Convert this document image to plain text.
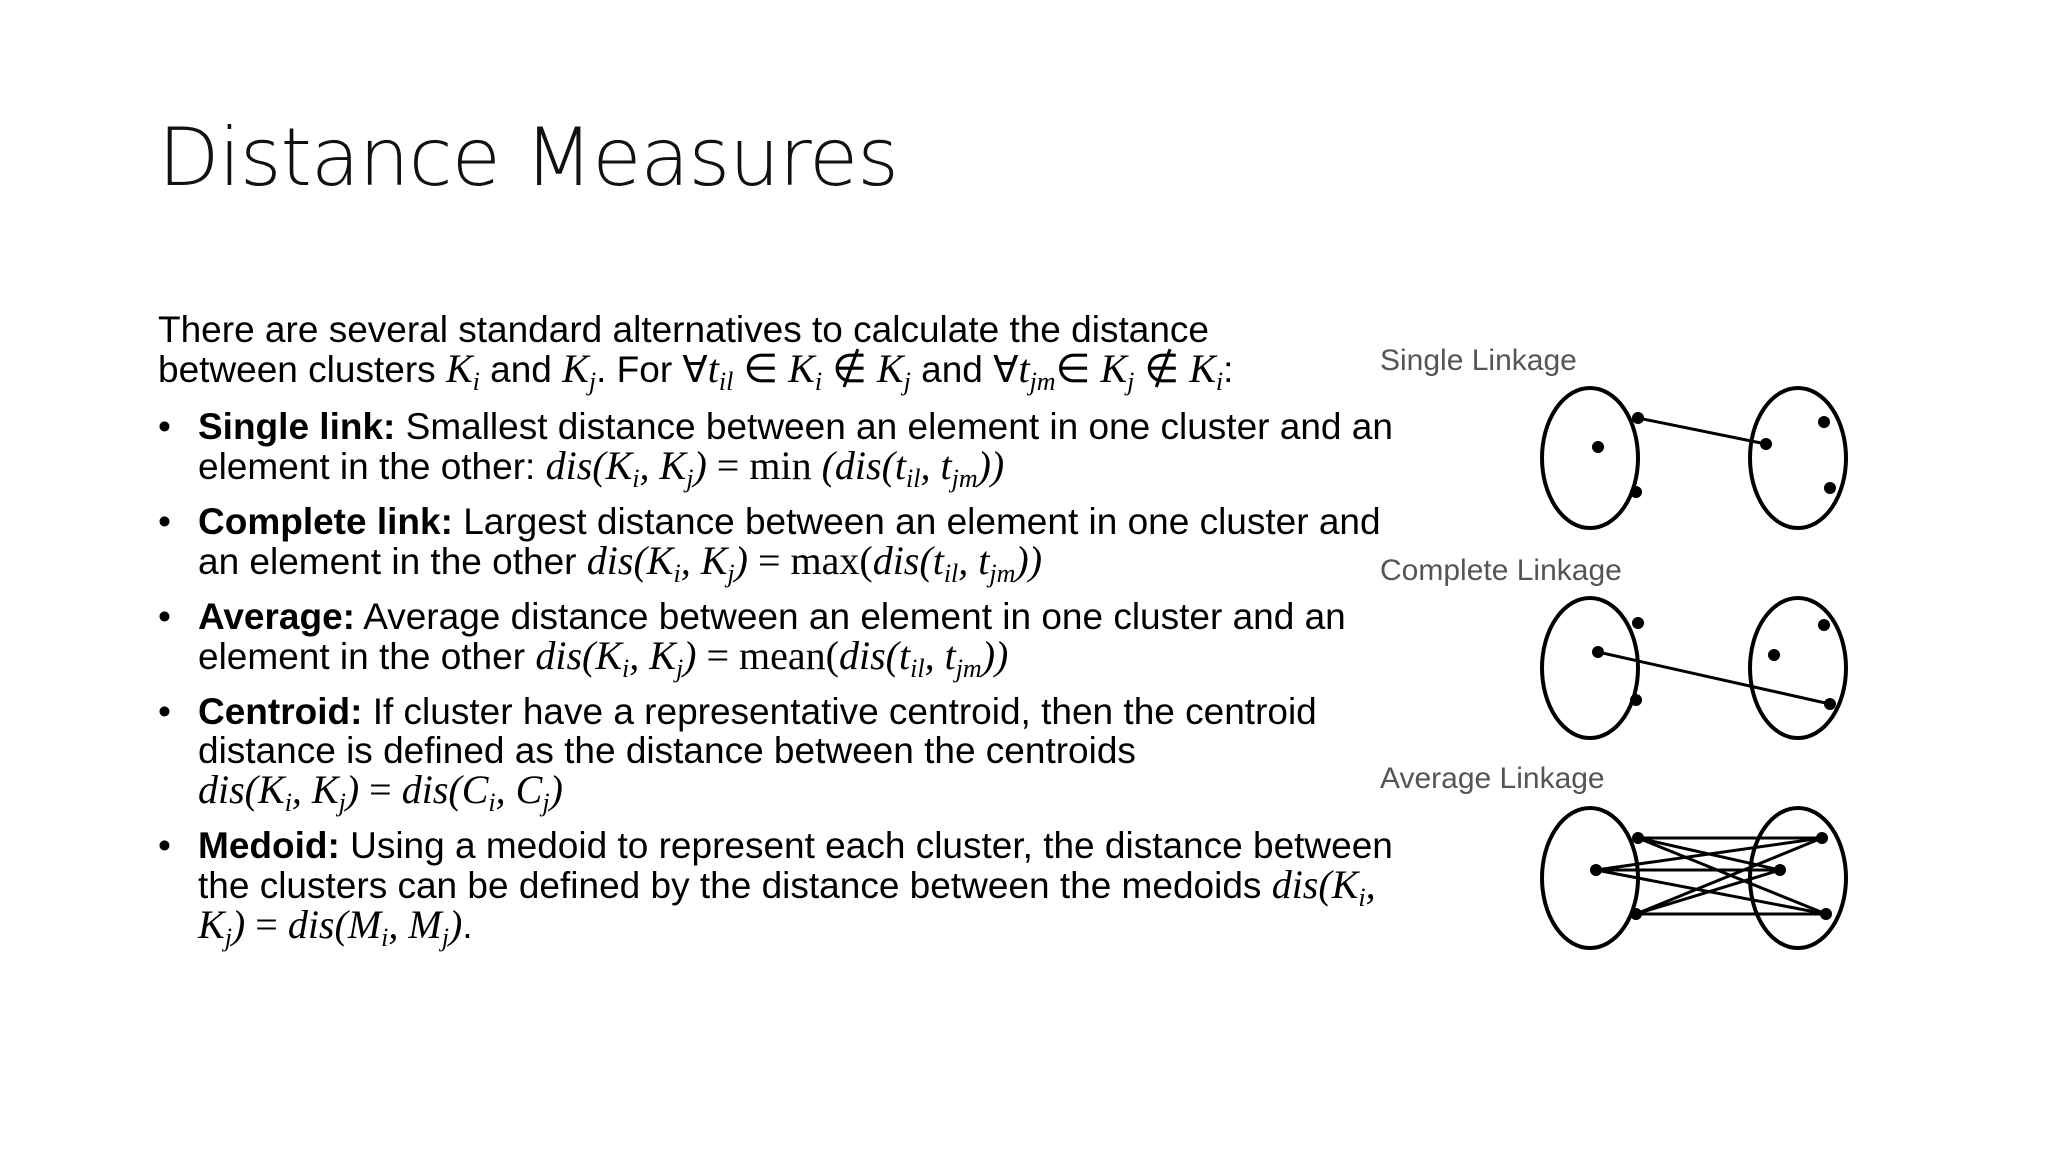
Distance Measures
There are several standard alternatives to calculate the distance
between clusters $K_i$ and $K_j$. For $\forall t_{il}$ ∈ $K_i$ ∉ $K_j$ and $\forall t_{jm}\in$ $K_j$ ∉ $K_i$:
• Single link: Smallest distance between an element in one cluster and an element in the other: $dis(K_i$, $K_j) = \min (dis(t_{il}$, $t_{jm}$))
• Complete link: Largest distance between an element in one cluster and an element in the other $dis(K_i$, $K_j) = \max(dis(t_{il}$, $t_{jm}$))
• Average: Average distance between an element in one cluster and an element in the other $dis(K_i$, $K_j$) = $mean(dis(t_{il}$, $t_{jm}$))
• Centroid: If cluster have a representative centroid, then the centroid distance is defined as the distance between the centroids
$dis(K_i$, $K_j) = dis(C_i$, $C_j$)
• Medoid: Using a medoid to represent each cluster, the distance between the clusters can be defined by the distance between the medoids $dis(K_i$, $K_j) = dis(M_i$, $M_j$).
Single Linkage
Complete Linkage
Average Linkage
